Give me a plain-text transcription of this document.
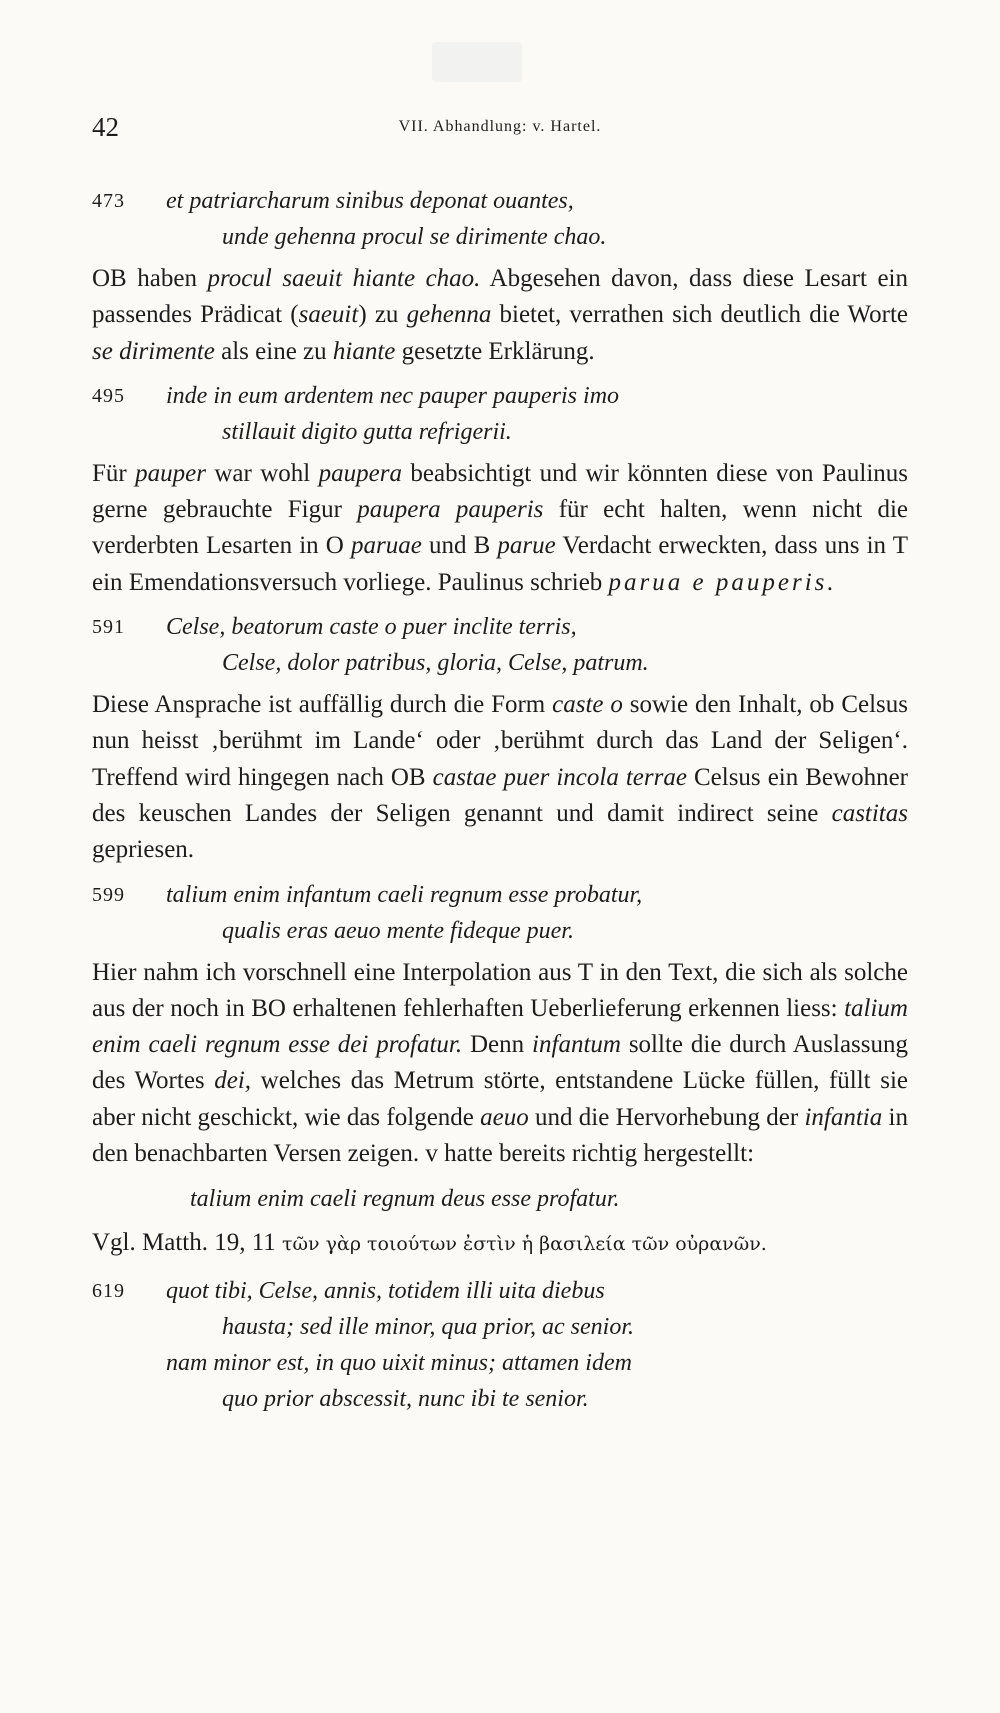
42	VII. Abhandlung: v. Hartel.
473	et patriarcharum sinibus deponat ouantes,
unde gehenna procul se dirimente chao.

OB haben procul saeuit hiante chao. Abgesehen davon, dass diese Lesart ein passendes Prädicat (saeuit) zu gehenna bietet, verrathen sich deutlich die Worte se dirimente als eine zu hiante gesetzte Erklärung.

495	inde in eum ardentem nec pauper pauperis imo
stillauit digito gutta refrigerii.

Für pauper war wohl paupera beabsichtigt und wir könnten diese von Paulinus gerne gebrauchte Figur paupera pauperis für echt halten, wenn nicht die verderbten Lesarten in O paruae und B parue Verdacht erweckten, dass uns in T ein Emendationsversuch vorliege. Paulinus schrieb parua e pauperis.

591	Celse, beatorum caste o puer inclite terris,
Celse, dolor patribus, gloria, Celse, patrum.

Diese Ansprache ist auffällig durch die Form caste o sowie den Inhalt, ob Celsus nun heisst ‚berühmt im Lande‘ oder ‚berühmt durch das Land der Seligen‘. Treffend wird hingegen nach OB castae puer incola terrae Celsus ein Bewohner des keuschen Landes der Seligen genannt und damit indirect seine castitas gepriesen.

599	talium enim infantum caeli regnum esse probatur,
qualis eras aeuo mente fideque puer.

Hier nahm ich vorschnell eine Interpolation aus T in den Text, die sich als solche aus der noch in BO erhaltenen fehlerhaften Ueberlieferung erkennen liess: talium enim caeli regnum esse dei profatur. Denn infantum sollte die durch Auslassung des Wortes dei, welches das Metrum störte, entstandene Lücke füllen, füllt sie aber nicht geschickt, wie das folgende aeuo und die Hervorhebung der infantia in den benachbarten Versen zeigen. v hatte bereits richtig hergestellt:

talium enim caeli regnum deus esse profatur.
Vgl. Matth. 19, 11 τῶν γὰρ τοιούτων ἐστὶν ἡ βασιλεία τῶν οὐρανῶν.
619	quot tibi, Celse, annis, totidem illi uita diebus
hausta; sed ille minor, qua prior, ac senior.
nam minor est, in quo uixit minus; attamen idem
quo prior abscessit, nunc ibi te senior.
